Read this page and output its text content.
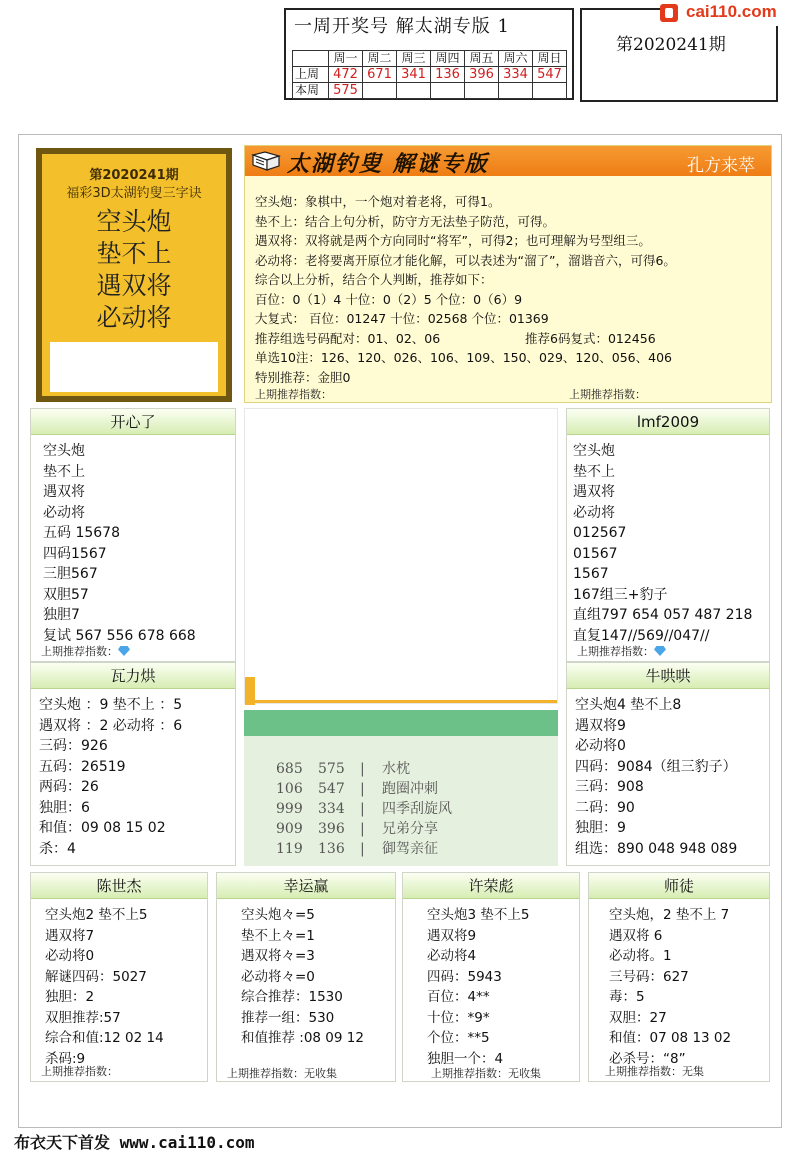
一周开奖号 解太湖专版 1
	周一	周二	周三	周四	周五	周六	周日
上周	472	671	341	136	396	334	547
本周	575						
第2020241期
cai110.com
第2020241期
福彩3D太湖钓叟三字诀
空头炮
垫不上
遇双将
必动将
太湖钓叟 解谜专版	孔方来萃
空头炮：象棋中，一个炮对着老将，可得1。
垫不上：结合上句分析，防守方无法垫子防范，可得。
遇双将：双将就是两个方向同时“将军”，可得2；也可理解为号型组三。
必动将：老将要离开原位才能化解，可以表述为“溜了”，溜谐音六，可得6。
综合以上分析，结合个人判断，推荐如下：
百位：0（1）4 十位：0（2）5 个位：0（6）9
大复式： 百位：01247 十位：02568 个位：01369
推荐组选号码配对：01、02、06	推荐6码复式：012456
单选10注：126、120、026、106、109、150、029、120、056、406
特别推荐：金胆0
上期推荐指数：	上期推荐指数：
开心了
空头炮
垫不上
遇双将
必动将
五码 15678
四码1567
三胆567
双胆57
独胆7
复试 567 556 678 668
上期推荐指数：
lmf2009
空头炮
垫不上
遇双将
必动将
012567
01567
1567
167组三+豹子
直组797 654 057 487 218
直复147//569//047//
上期推荐指数：
瓦力烘
空头炮 ：9 垫不上 ：5
遇双将 ：2 必动将 ：6
三码：926
五码：26519
两码：26
独胆：6
和值：09 08 15 02
杀：4
牛哄哄
空头炮4 垫不上8
遇双将9
必动将0
四码：9084（组三豹子）
三码：908
二码：90
独胆：9
组选：890 048 948 089
685 575 | 水枕
106 547 | 跑圈冲刺
999 334 | 四季刮旋风
909 396 | 兄弟分享
119 136 | 御驾亲征
陈世杰
空头炮2 垫不上5
遇双将7
必动将0
解谜四码：5027
独胆：2
双胆推荐:57
综合和值:12 02 14
杀码:9
上期推荐指数：
幸运赢
空头炮々=5
垫不上々=1
遇双将々=3
必动将々=0
综合推荐：1530
推荐一组：530
和值推荐 :08 09 12
上期推荐指数：无收集
许荣彪
空头炮3 垫不上5
遇双将9
必动将4
四码：5943
百位：4**
十位：*9*
个位：**5
独胆一个：4
上期推荐指数：无收集
师徒
空头炮，2 垫不上 7
遇双将 6
必动将。1
三号码：627
毒：5
双胆：27
和值：07 08 13 02
必杀号：“8”
上期推荐指数：无集
布衣天下首发 www.cai110.com
